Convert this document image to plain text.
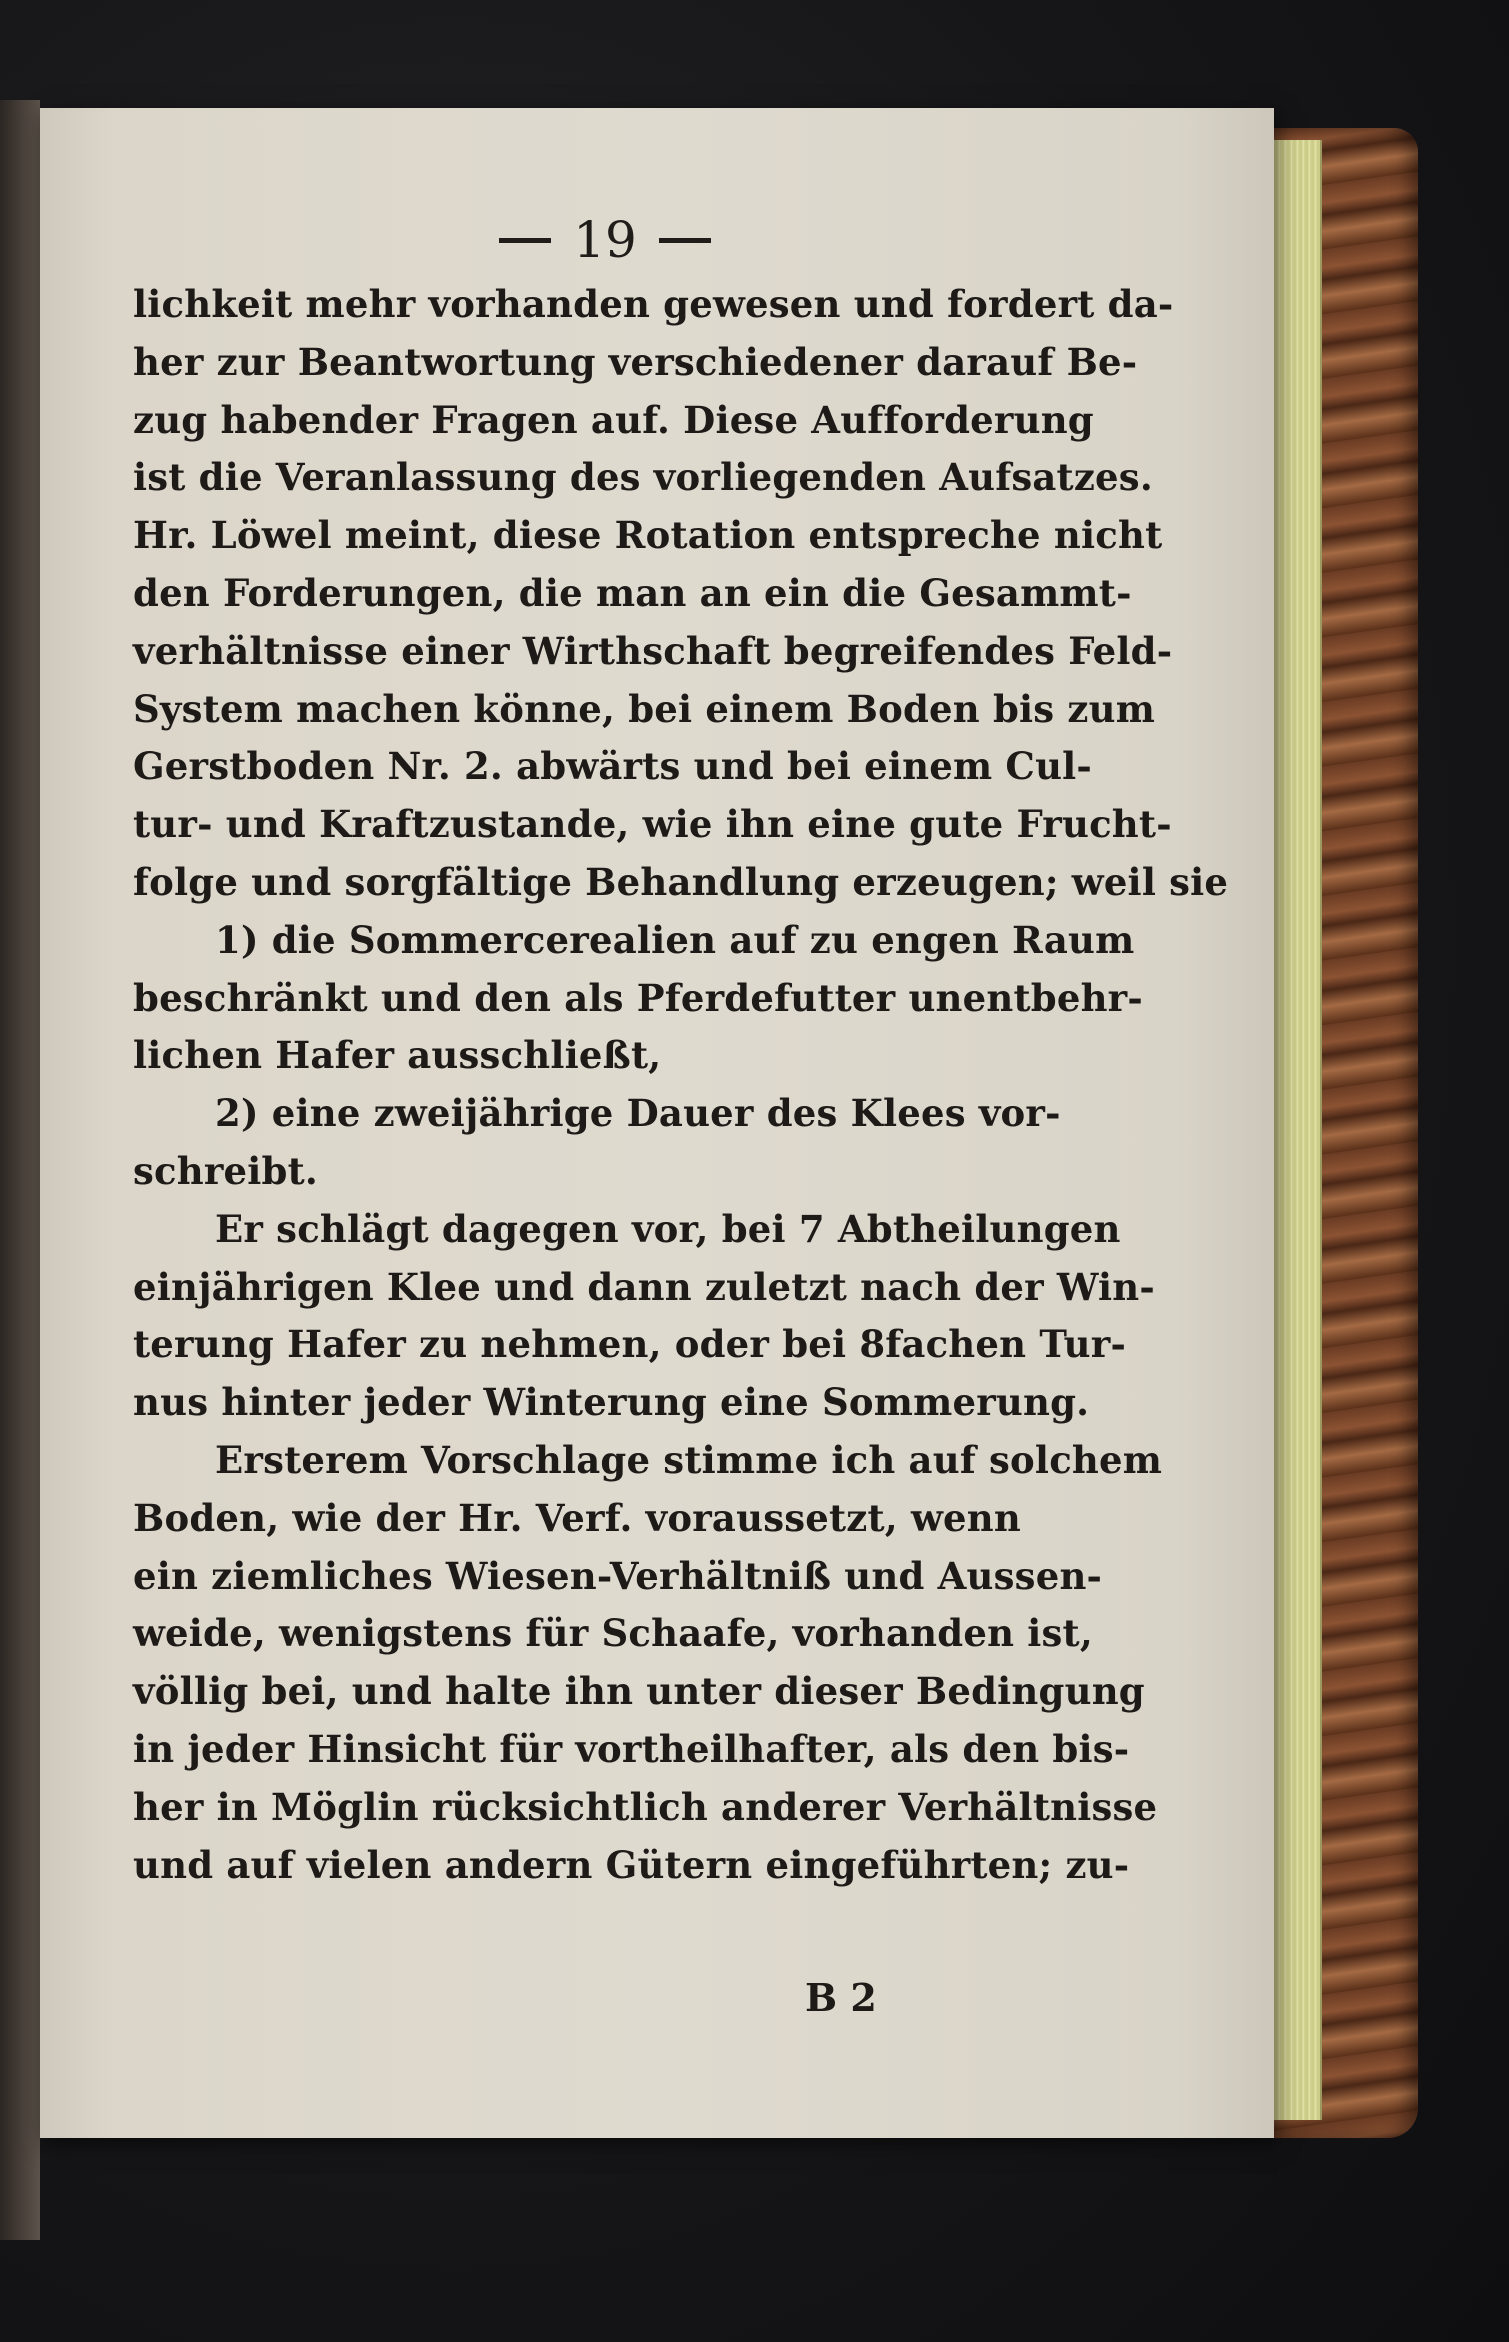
19
lichkeit mehr vorhanden gewesen und fordert da-
her zur Beantwortung verschiedener darauf Be-
zug habender Fragen auf. Diese Aufforderung
ist die Veranlassung des vorliegenden Aufsatzes.
Hr. Löwel meint, diese Rotation entspreche nicht
den Forderungen, die man an ein die Gesammt-
verhältnisse einer Wirthschaft begreifendes Feld-
System machen könne, bei einem Boden bis zum
Gerstboden Nr. 2. abwärts und bei einem Cul-
tur- und Kraftzustande, wie ihn eine gute Frucht-
folge und sorgfältige Behandlung erzeugen; weil sie
1) die Sommercerealien auf zu engen Raum
beschränkt und den als Pferdefutter unentbehr-
lichen Hafer ausschließt,
2) eine zweijährige Dauer des Klees vor-
schreibt.
Er schlägt dagegen vor, bei 7 Abtheilungen
einjährigen Klee und dann zuletzt nach der Win-
terung Hafer zu nehmen, oder bei 8fachen Tur-
nus hinter jeder Winterung eine Sommerung.
Ersterem Vorschlage stimme ich auf solchem
Boden, wie der Hr. Verf. voraussetzt, wenn
ein ziemliches Wiesen-Verhältniß und Aussen-
weide, wenigstens für Schaafe, vorhanden ist,
völlig bei, und halte ihn unter dieser Bedingung
in jeder Hinsicht für vortheilhafter, als den bis-
her in Möglin rücksichtlich anderer Verhältnisse
und auf vielen andern Gütern eingeführten; zu-
B 2
